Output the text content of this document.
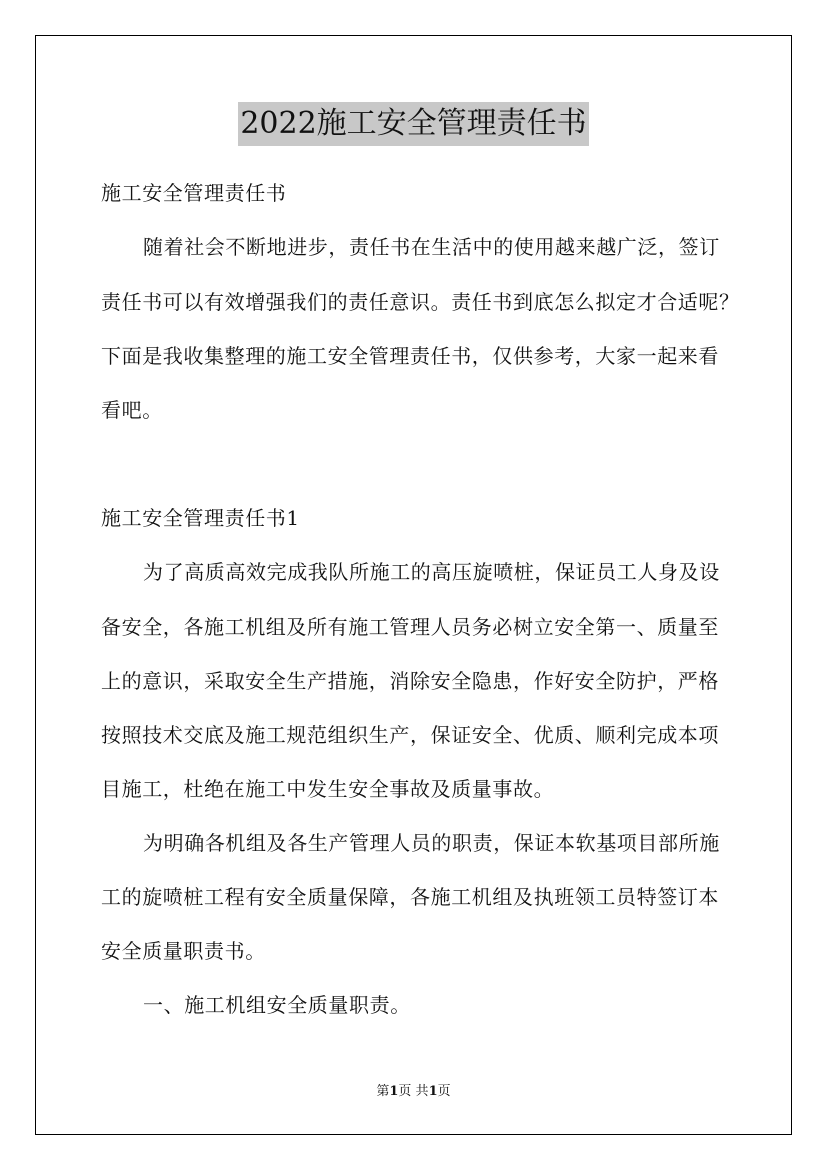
2022施工安全管理责任书
施工安全管理责任书
随着社会不断地进步，责任书在生活中的使用越来越广泛，签订
责任书可以有效增强我们的责任意识。责任书到底怎么拟定才合适呢？
下面是我收集整理的施工安全管理责任书，仅供参考，大家一起来看
看吧。
施工安全管理责任书1
为了高质高效完成我队所施工的高压旋喷桩，保证员工人身及设
备安全，各施工机组及所有施工管理人员务必树立安全第一、质量至
上的意识，采取安全生产措施，消除安全隐患，作好安全防护，严格
按照技术交底及施工规范组织生产，保证安全、优质、顺利完成本项
目施工，杜绝在施工中发生安全事故及质量事故。
为明确各机组及各生产管理人员的职责，保证本软基项目部所施
工的旋喷桩工程有安全质量保障，各施工机组及执班领工员特签订本
安全质量职责书。
一、施工机组安全质量职责。
第1页 共1页
